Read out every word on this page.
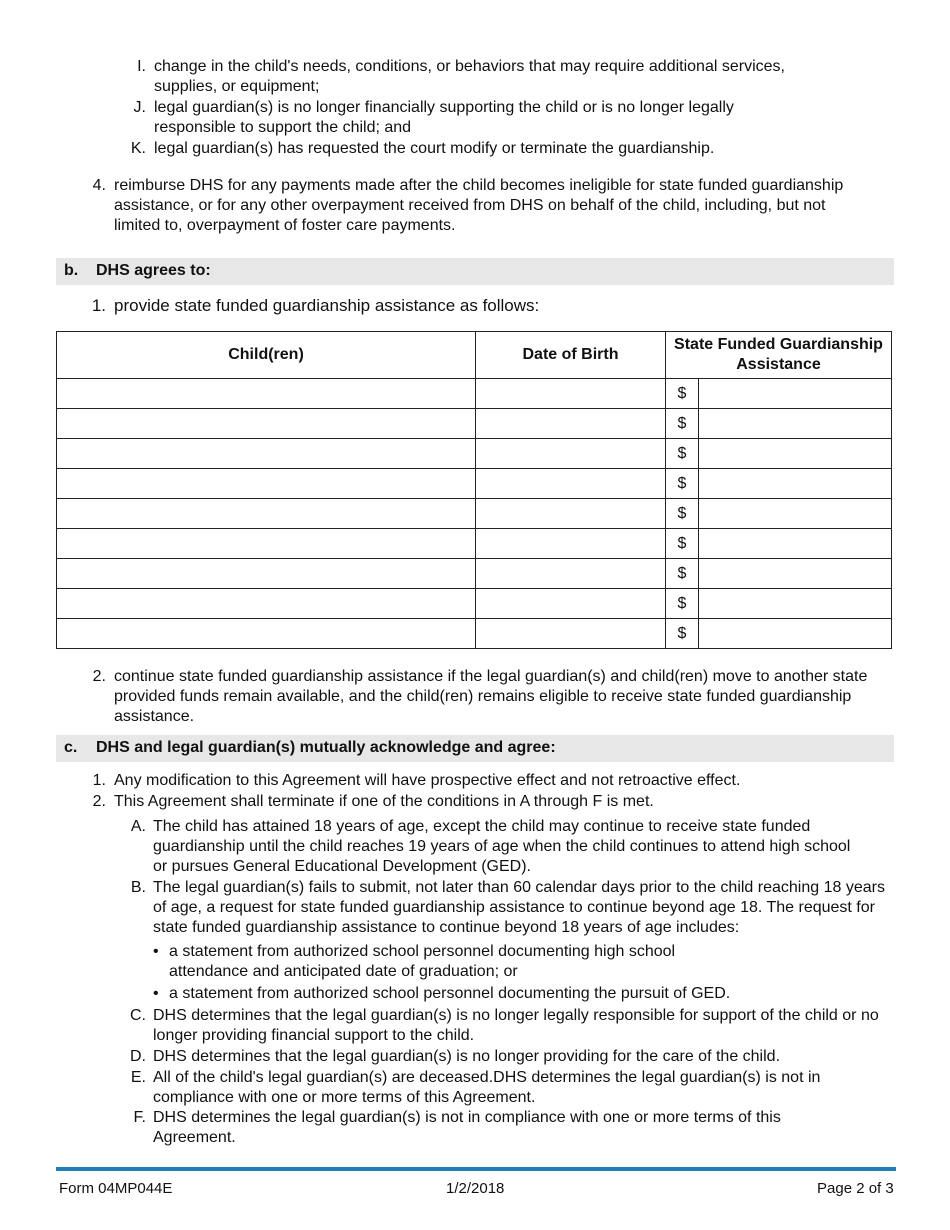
I. change in the child's needs, conditions, or behaviors that may require additional services, supplies, or equipment;
J. legal guardian(s) is no longer financially supporting the child or is no longer legally responsible to support the child; and
K. legal guardian(s) has requested the court modify or terminate the guardianship.
4. reimburse DHS for any payments made after the child becomes ineligible for state funded guardianship assistance, or for any other overpayment received from DHS on behalf of the child, including, but not limited to, overpayment of foster care payments.
b. DHS agrees to:
1. provide state funded guardianship assistance as follows:
Child(ren)	Date of Birth	State Funded Guardianship Assistance	
		$	
		$	
		$	
		$	
		$	
		$	
		$	
		$	
		$	
2. continue state funded guardianship assistance if the legal guardian(s) and child(ren) move to another state provided funds remain available, and the child(ren) remains eligible to receive state funded guardianship assistance.
c. DHS and legal guardian(s) mutually acknowledge and agree:
1. Any modification to this Agreement will have prospective effect and not retroactive effect.
2. This Agreement shall terminate if one of the conditions in A through F is met.
A. The child has attained 18 years of age, except the child may continue to receive state funded guardianship until the child reaches 19 years of age when the child continues to attend high school or pursues General Educational Development (GED).
B. The legal guardian(s) fails to submit, not later than 60 calendar days prior to the child reaching 18 years of age, a request for state funded guardianship assistance to continue beyond age 18. The request for state funded guardianship assistance to continue beyond 18 years of age includes:
• a statement from authorized school personnel documenting high school attendance and anticipated date of graduation; or
• a statement from authorized school personnel documenting the pursuit of GED.
C. DHS determines that the legal guardian(s) is no longer legally responsible for support of the child or no longer providing financial support to the child.
D. DHS determines that the legal guardian(s) is no longer providing for the care of the child.
E. All of the child's legal guardian(s) are deceased.DHS determines the legal guardian(s) is not in compliance with one or more terms of this Agreement.
F. DHS determines the legal guardian(s) is not in compliance with one or more terms of this Agreement.
Form 04MP044E	1/2/2018	Page 2 of 3
